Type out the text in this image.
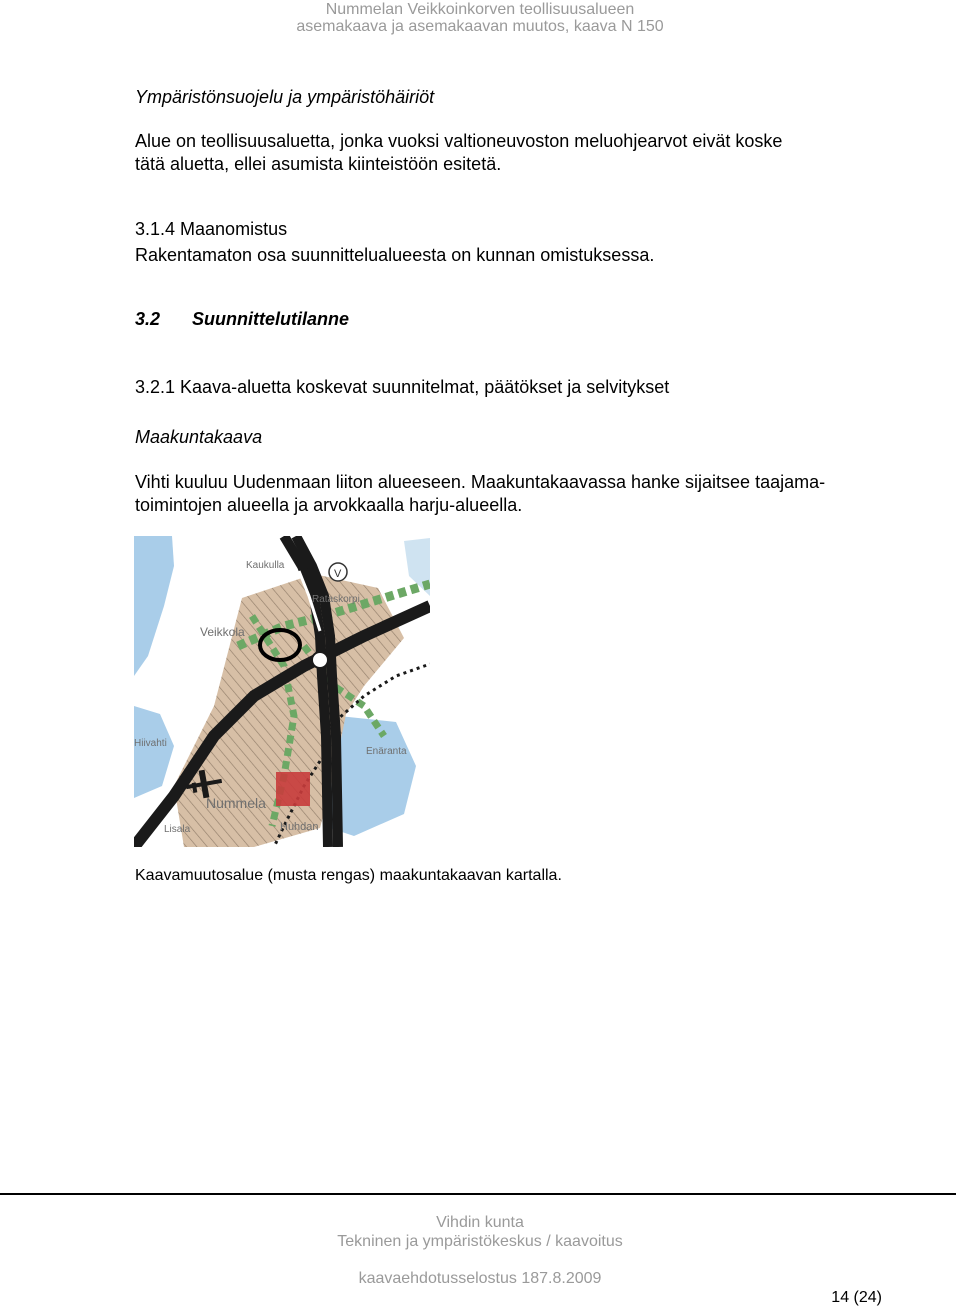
Nummelan Veikkoinkorven teollisuusalueen
asemakaava ja asemakaavan muutos, kaava N 150
Ympäristönsuojelu ja ympäristöhäiriöt
Alue on teollisuusaluetta, jonka vuoksi valtioneuvoston meluohjearvot eivät koske
tätä aluetta, ellei asumista kiinteistöön esitetä.
3.1.4 Maanomistus
Rakentamaton osa suunnittelualueesta on kunnan omistuksessa.
3.2 Suunnittelutilanne
3.2.1 Kaava-aluetta koskevat suunnitelmat, päätökset ja selvitykset
Maakuntakaava
Vihti kuuluu Uudenmaan liiton alueeseen. Maakuntakaavassa hanke sijaitsee taajama-
toimintojen alueella ja arvokkaalla harju-alueella.
V
Kaukulla
Rataskorpi
Veikkola
Enäranta
Hiivahti
Nummela
Huhdan
Lisala
Kaavamuutosalue (musta rengas) maakuntakaavan kartalla.
Vihdin kunta
Tekninen ja ympäristökeskus / kaavoitus
kaavaehdotusselostus 187.8.2009
14 (24)
